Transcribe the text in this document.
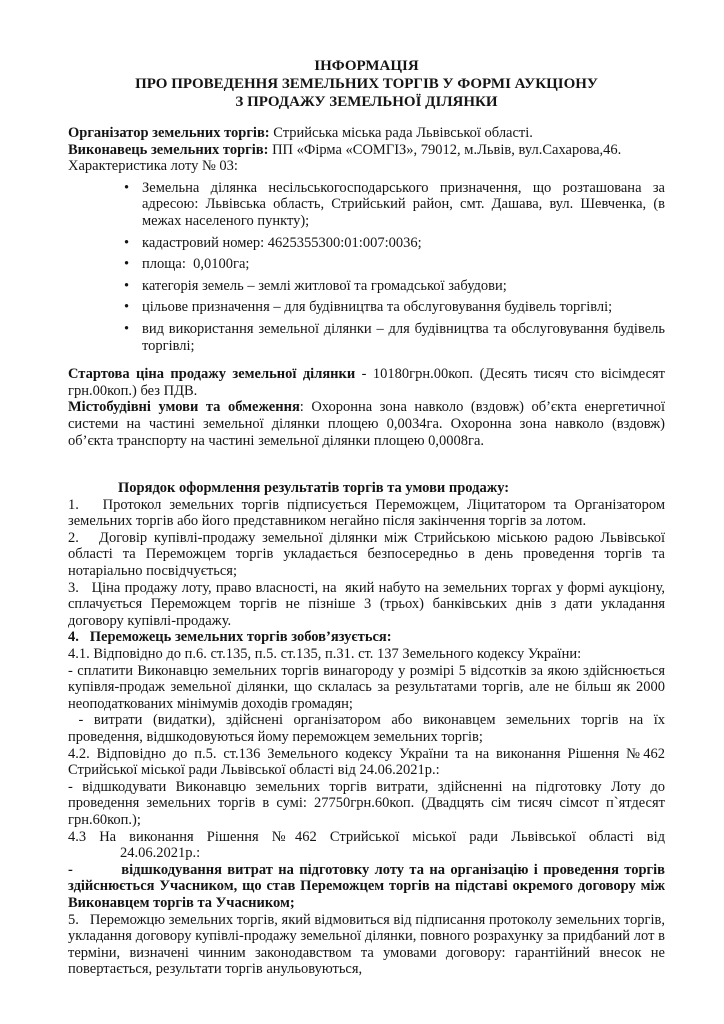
ІНФОРМАЦІЯ
ПРО ПРОВЕДЕННЯ ЗЕМЕЛЬНИХ ТОРГІВ У ФОРМІ АУКЦІОНУ
З ПРОДАЖУ ЗЕМЕЛЬНОЇ ДІЛЯНКИ

Організатор земельних торгів: Стрийська міська рада Львівської області.

Виконавець земельних торгів: ПП «Фірма «СОМГІЗ», 79012, м.Львів, вул.Сахарова,46.

Характеристика лоту № 03:

• Земельна ділянка несільськогосподарського призначення, що розташована за адресою: Львівська область, Стрийський район, смт. Дашава, вул. Шевченка, (в межах населеного пункту);
• кадастровий номер: 4625355300:01:007:0036;
• площа:  0,0100га;
• категорія земель – землі житлової та громадської забудови;
• цільове призначення – для будівництва та обслуговування будівель торгівлі;
• вид використання земельної ділянки – для будівництва та обслуговування будівель торгівлі;

Стартова ціна продажу земельної ділянки - 10180грн.00коп. (Десять тисяч сто вісімдесят грн.00коп.) без ПДВ.

Містобудівні умови та обмеження: Охоронна зона навколо (вздовж) об’єкта енергетичної системи на частині земельної ділянки площею 0,0034га. Охоронна зона навколо (вздовж) об’єкта транспорту на частині земельної ділянки площею 0,0008га.

Порядок оформлення результатів торгів та умови продажу:

1.   Протокол земельних торгів підписується Переможцем, Ліцитатором та Організатором земельних торгів або його представником негайно після закінчення торгів за лотом.

2.   Договір купівлі-продажу земельної ділянки між Стрийською міською радою Львівської області та Переможцем торгів укладається безпосередньо в день проведення торгів та нотаріально посвідчується;

3.   Ціна продажу лоту, право власності, на  який набуто на земельних торгах у формі аукціону, сплачується Переможцем торгів не пізніше 3 (трьох) банківських днів з дати укладання договору купівлі-продажу.

4.   Переможець земельних торгів зобов’язується:

4.1. Відповідно до п.6. ст.135, п.5. ст.135, п.31. ст. 137 Земельного кодексу України:

- сплатити Виконавцю земельних торгів винагороду у розмірі 5 відсотків за якою здійснюється купівля-продаж земельної ділянки, що склалась за результатами торгів, але не більш як 2000 неоподаткованих мінімумів доходів громадян;

- витрати (видатки), здійснені організатором або виконавцем земельних торгів на їх проведення, відшкодовуються йому переможцем земельних торгів;

4.2. Відповідно до п.5. ст.136 Земельного кодексу України та на виконання Рішення №462 Стрийської міської ради Львівської області від 24.06.2021р.:

- відшкодувати Виконавцю земельних торгів витрати, здійсненні на підготовку Лоту до проведення земельних торгів в сумі: 27750грн.60коп. (Двадцять сім тисяч сімсот п`ятдесят грн.60коп.);

4.3 На виконання Рішення №462 Стрийської міської ради Львівської області від
24.06.2021р.:

-         відшкодування витрат на підготовку лоту та на організацію і проведення торгів здійснюється Учасником, що став Переможцем торгів на підставі окремого договору між Виконавцем торгів та Учасником;

5.   Переможцю земельних торгів, який відмовиться від підписання протоколу земельних торгів, укладання договору купівлі-продажу земельної ділянки, повного розрахунку за придбаний лот в терміни, визначені чинним законодавством та умовами договору: гарантійний внесок не повертається, результати торгів анульовуються,
